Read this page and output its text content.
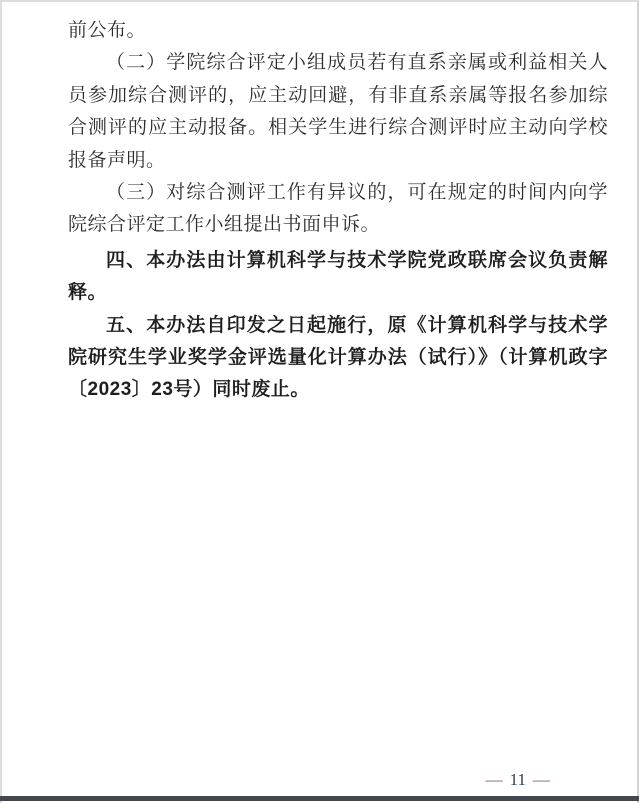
前公布。

（二）学院综合评定小组成员若有直系亲属或利益相关人员参加综合测评的，应主动回避，有非直系亲属等报名参加综合测评的应主动报备。相关学生进行综合测评时应主动向学校报备声明。

（三）对综合测评工作有异议的，可在规定的时间内向学院综合评定工作小组提出书面申诉。

四、本办法由计算机科学与技术学院党政联席会议负责解释。

五、本办法自印发之日起施行，原《计算机科学与技术学院研究生学业奖学金评选量化计算办法（试行）》（计算机政字〔2023〕23号）同时废止。

— 11 —
